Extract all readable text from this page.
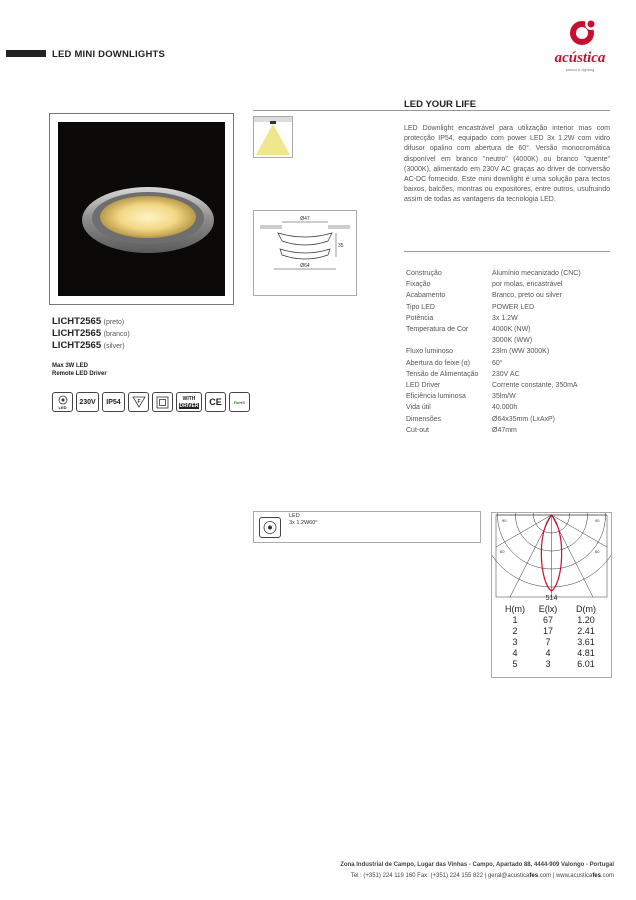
LED MINI DOWNLIGHTS	acústica
sound & lighting
LICHT2565 (preto)
LICHT2565 (branco)
LICHT2565 (silver)
Max 3W LED
Remote LED Driver
LED
230V	IP54	F
WITH
DRIVER	CE	RoHS
Ø47
35
Ø64
LED YOUR LIFE
LED Downlight encastrável para utilização interior mas com protecção IP54, equipado com power LED 3x 1.2W com vidro difusor opalino com abertura de 60°. Versão monocromática disponível em branco "neutro" (4000K) ou branco "quente" (3000K), alimentado em 230V AC graças ao driver de conversão AC-DC fornecido. Este mini downlight é uma solução para tectos baixos, balcões, montras ou expositores, entre outros, usufruindo assim de todas as vantagens da tecnologia LED.
Construção	Alumínio mecanizado (CNC)
Fixação	por molas, encastrável
Acabamento	Branco, preto ou silver
Tipo LED	POWER LED
Potência	3x 1.2W
Temperatura de Cor	4000K (NW)
3000K (WW)
Fluxo luminoso	23lm (WW 3000K)
Abertura do feixe (α)	60°
Tensão de Alimentação	230V AC
LED Driver	Corrente constante, 350mA
Eficiência luminosa	35lm/W
Vida útil	40.000h
Dimensões	Ø64x35mm (LxAxP)
Cut-out	Ø47mm
LED
3x 1.2W60°	90	90
60	60
514
H(m)	E(lx)	D(m)
1	67	1.20
2	17	2.41
3	7	3.61
4	4	4.81
5	3	6.01
Zona Industrial de Campo, Lugar das Vinhas - Campo, Apartado 88, 4444-909 Valongo - Portugal
Tel : (+351) 224 119 160 Fax: (+351) 224 155 822 | geral@acusticafes.com | www.acusticafes.com
